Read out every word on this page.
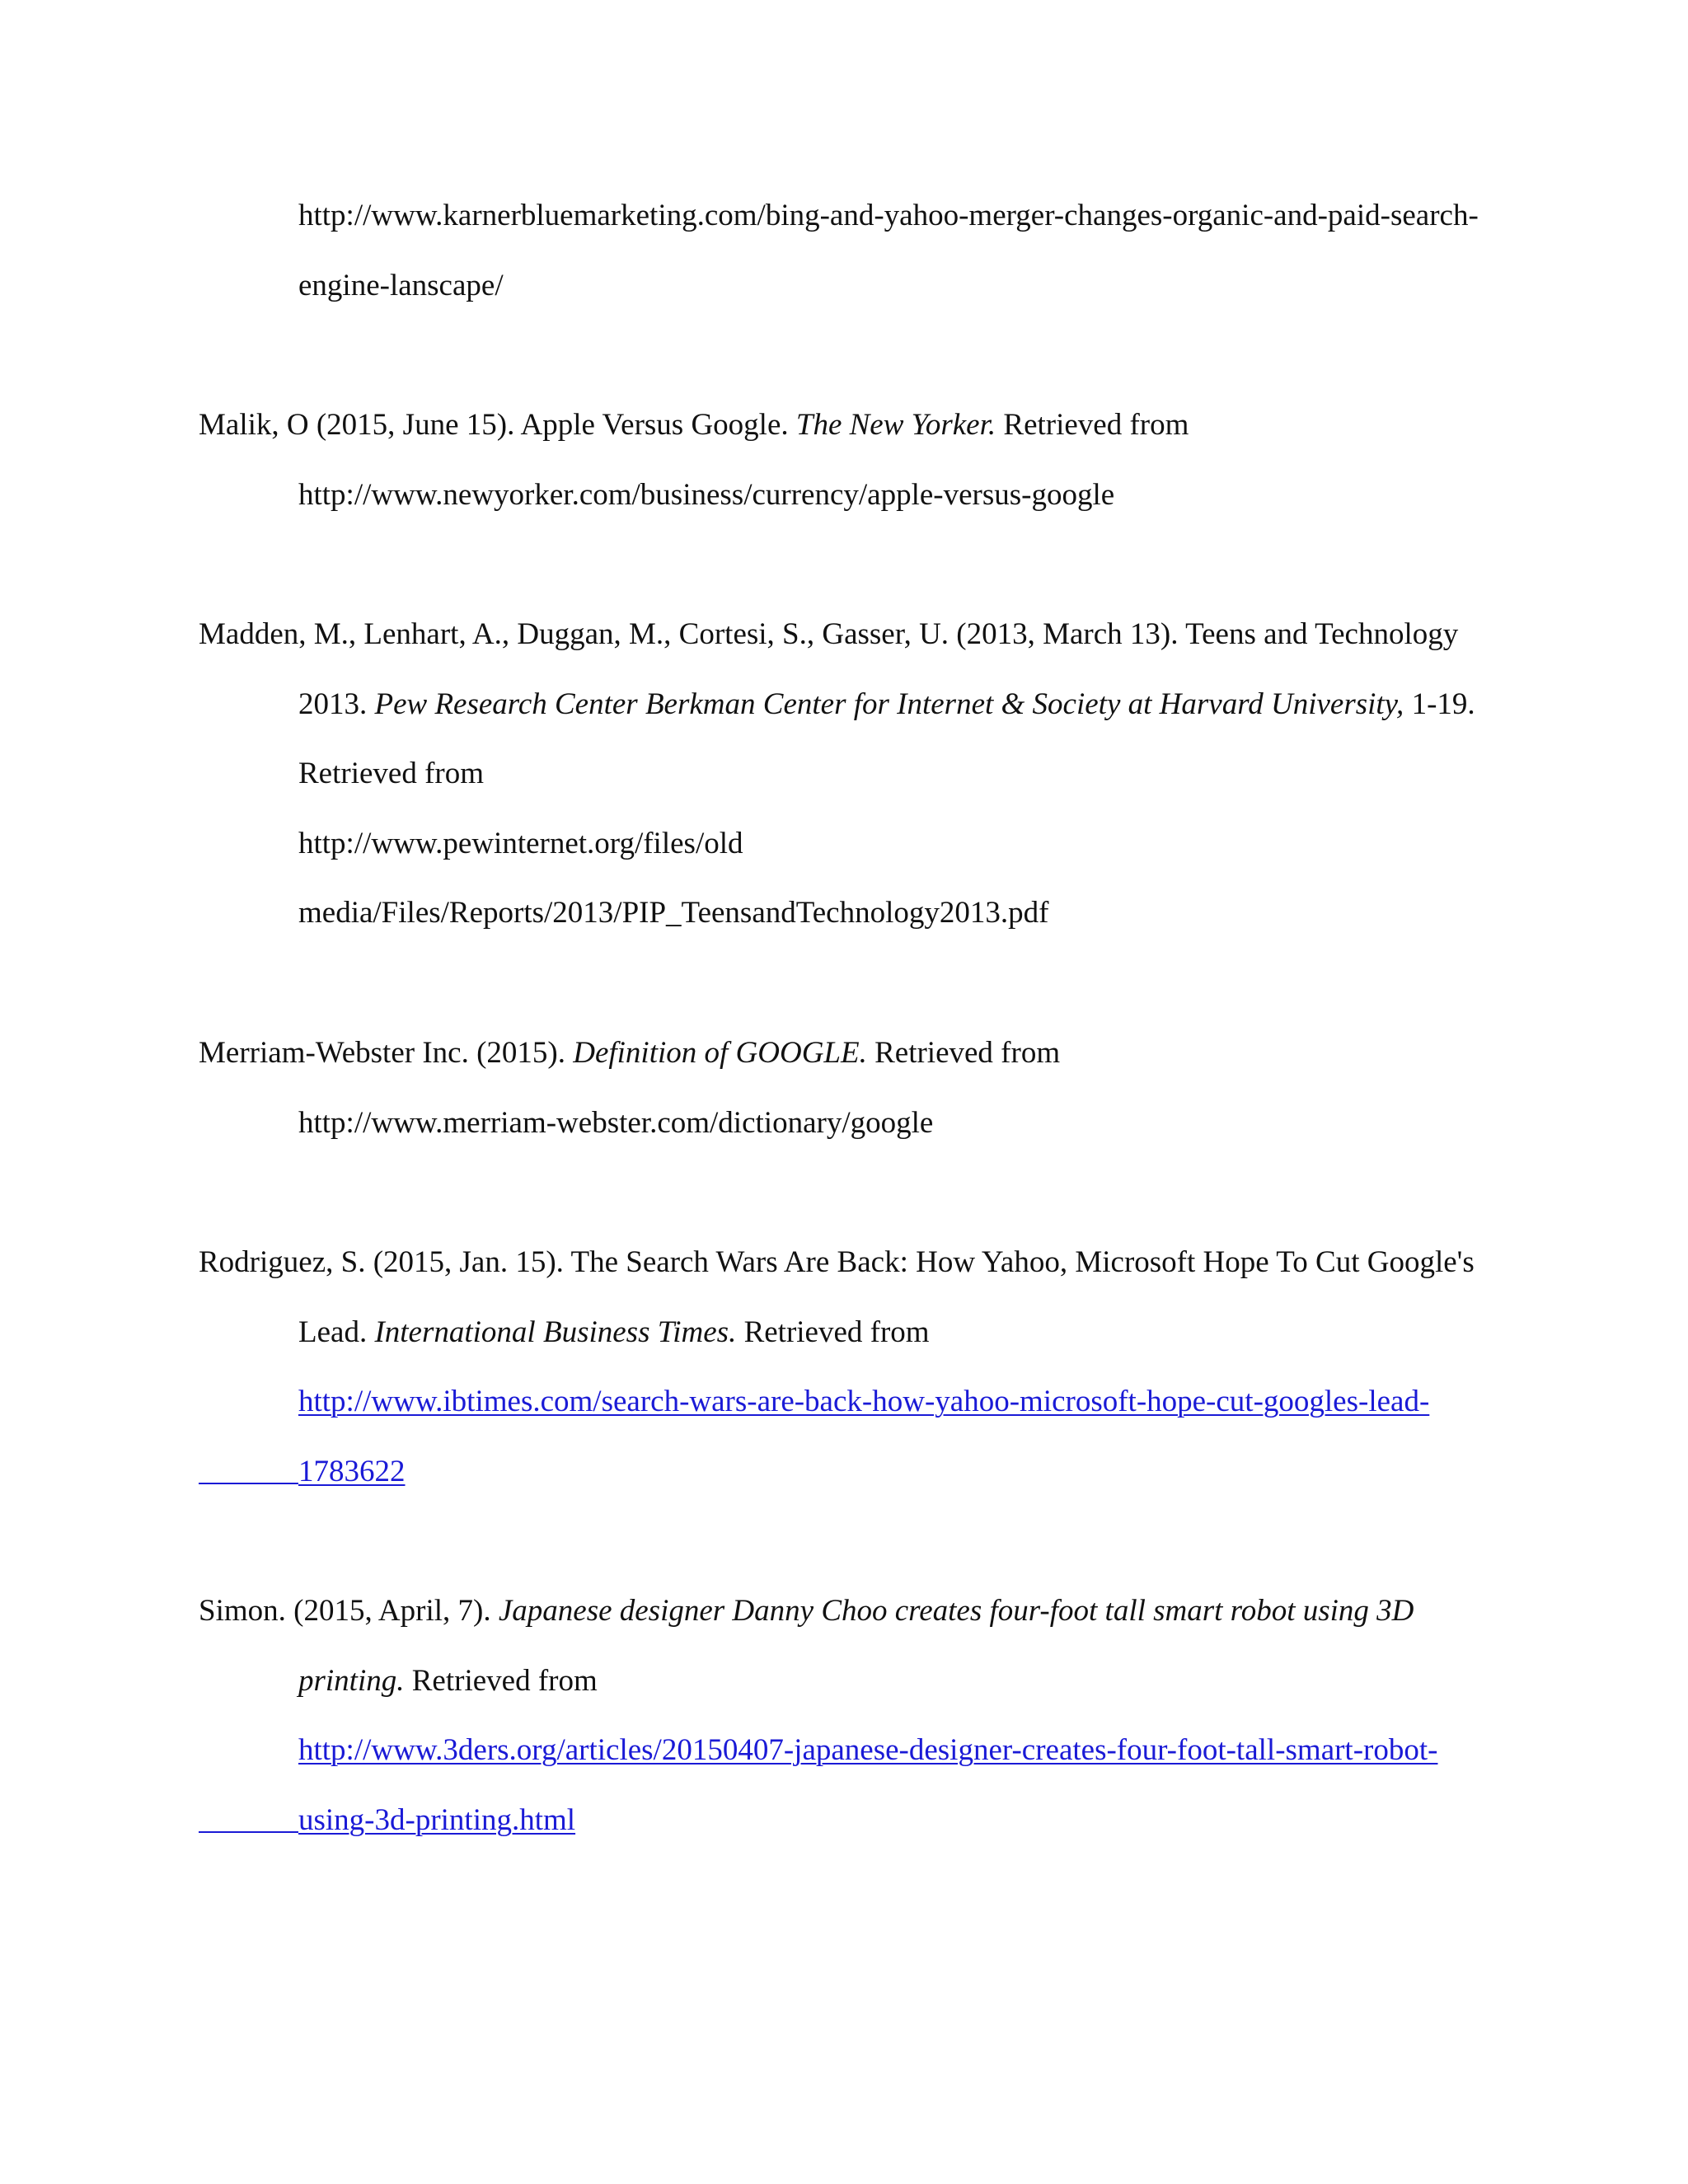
http://www.karnerbluemarketing.com/bing-and-yahoo-merger-changes-organic-and-paid-search-
engine-lanscape/
Malik, O (2015, June 15). Apple Versus Google. The New Yorker. Retrieved from
http://www.newyorker.com/business/currency/apple-versus-google
Madden, M., Lenhart, A., Duggan, M., Cortesi, S., Gasser, U. (2013, March 13). Teens and Technology
2013. Pew Research Center Berkman Center for Internet & Society at Harvard University, 1-19.
Retrieved from
http://www.pewinternet.org/files/old
media/Files/Reports/2013/PIP_TeensandTechnology2013.pdf
Merriam-Webster Inc. (2015). Definition of GOOGLE. Retrieved from
http://www.merriam-webster.com/dictionary/google
Rodriguez, S. (2015, Jan. 15). The Search Wars Are Back: How Yahoo, Microsoft Hope To Cut Google's
Lead. International Business Times. Retrieved from
http://www.ibtimes.com/search-wars-are-back-how-yahoo-microsoft-hope-cut-googles-lead-
1783622
Simon. (2015, April, 7). Japanese designer Danny Choo creates four-foot tall smart robot using 3D
printing. Retrieved from
http://www.3ders.org/articles/20150407-japanese-designer-creates-four-foot-tall-smart-robot-
using-3d-printing.html
